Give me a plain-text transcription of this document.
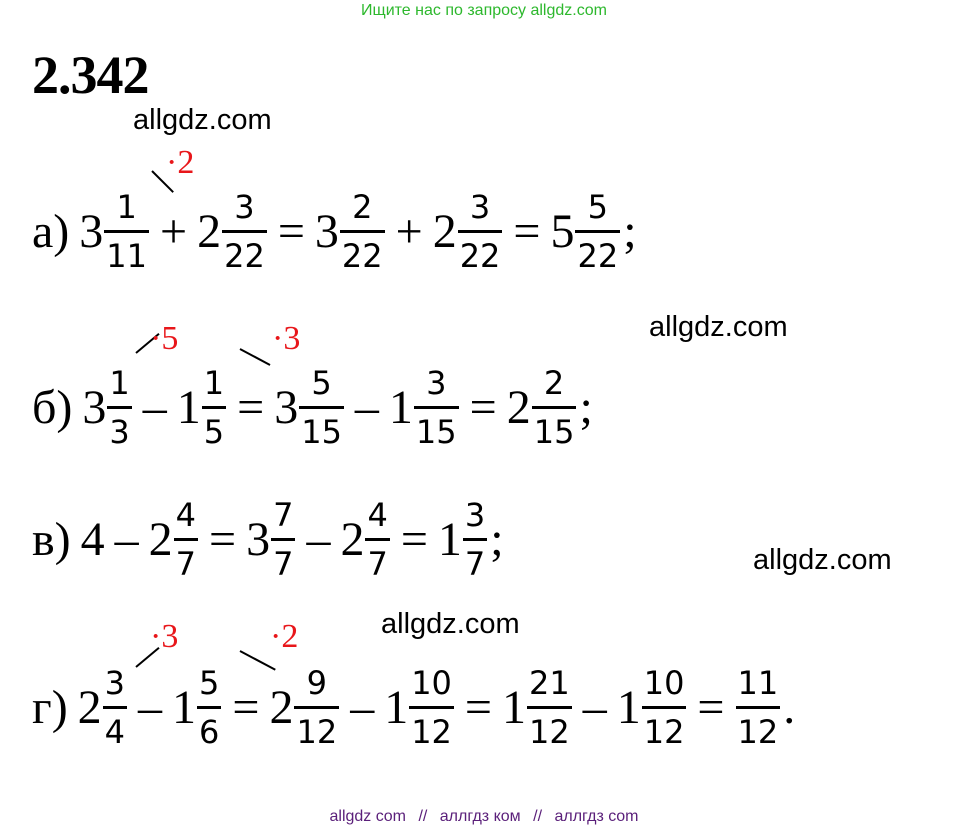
Ищите нас по запросу allgdz.com
2.342
allgdz.com
allgdz.com
allgdz.com
allgdz.com
а) $3 \frac{1}{11} + 2 \frac{3}{22} = 3 \frac{2}{22} + 2 \frac{3}{22} = 5 \frac{5}{22}$ ;
·2
б) $3 \frac{1}{3} - 1 \frac{1}{5} = 3 \frac{5}{15} - 1 \frac{3}{15} = 2 \frac{2}{15}$ ;
·5	·3
в) $4 - 2 \frac{4}{7} = 3 \frac{7}{7} - 2 \frac{4}{7} = 1 \frac{3}{7}$ ;
г) $2 \frac{3}{4} - 1 \frac{5}{6} = 2 \frac{9}{12} - 1 \frac{10}{12} = 1 \frac{21}{12} - 1 \frac{10}{12} = \frac{11}{12}$ .
·3	·2
allgdz com // аллгдз ком // аллгдз com
